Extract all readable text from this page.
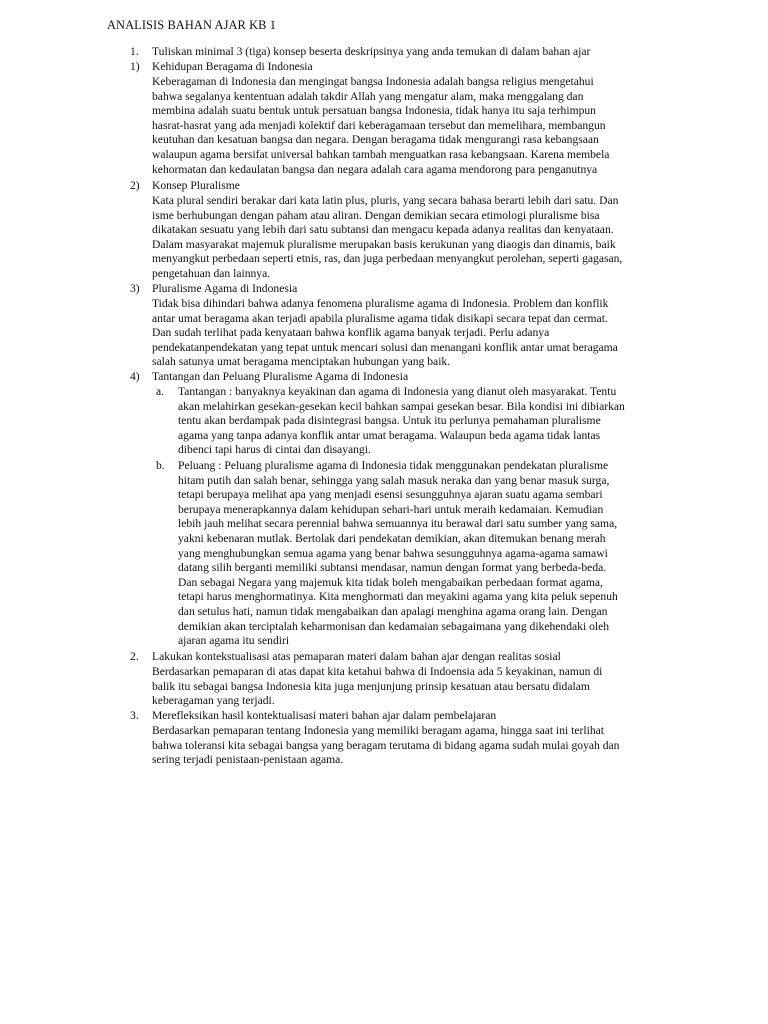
ANALISIS BAHAN AJAR KB 1
1. Tuliskan minimal 3 (tiga) konsep beserta deskripsinya yang anda temukan di dalam bahan ajar
1) Kehidupan Beragama di Indonesia
Keberagaman di Indonesia dan mengingat bangsa Indonesia adalah bangsa religius mengetahui
bahwa segalanya kententuan adalah takdir Allah yang mengatur alam, maka menggalang dan
membina adalah suatu bentuk untuk persatuan bangsa Indonesia, tidak hanya itu saja terhimpun
hasrat-hasrat yang ada menjadi kolektif dari keberagamaan tersebut dan memelihara, membangun
keutuhan dan kesatuan bangsa dan negara. Dengan beragama tidak mengurangi rasa kebangsaan
walaupun agama bersifat universal bahkan tambah menguatkan rasa kebangsaan. Karena membela
kehormatan dan kedaulatan bangsa dan negara adalah cara agama mendorong para penganutnya
2) Konsep Pluralisme
Kata plural sendiri berakar dari kata latin plus, pluris, yang secara bahasa berarti lebih dari satu. Dan
isme berhubungan dengan paham atau aliran. Dengan demikian secara etimologi pluralisme bisa
dikatakan sesuatu yang lebih dari satu subtansi dan mengacu kepada adanya realitas dan kenyataan.
Dalam masyarakat majemuk pluralisme merupakan basis kerukunan yang diaogis dan dinamis, baik
menyangkut perbedaan seperti etnis, ras, dan juga perbedaan menyangkut perolehan, seperti gagasan,
pengetahuan dan lainnya.
3) Pluralisme Agama di Indonesia
Tidak bisa dihindari bahwa adanya fenomena pluralisme agama di Indonesia. Problem dan konflik
antar umat beragama akan terjadi apabila pluralisme agama tidak disikapi secara tepat dan cermat.
Dan sudah terlihat pada kenyataan bahwa konflik agama banyak terjadi. Perlu adanya
pendekatanpendekatan yang tepat untuk mencari solusi dan menangani konflik antar umat beragama
salah satunya umat beragama menciptakan hubungan yang baik.
4) Tantangan dan Peluang Pluralisme Agama di Indonesia
a. Tantangan : banyaknya keyakinan dan agama di Indonesia yang dianut oleh masyarakat. Tentu
akan melahirkan gesekan-gesekan kecil bahkan sampai gesekan besar. Bila kondisi ini dibiarkan
tentu akan berdampak pada disintegrasi bangsa. Untuk itu perlunya pemahaman pluralisme
agama yang tanpa adanya konflik antar umat beragama. Walaupun beda agama tidak lantas
dibenci tapi harus di cintai dan disayangi.
b. Peluang : Peluang pluralisme agama di Indonesia tidak menggunakan pendekatan pluralisme
hitam putih dan salah benar, sehingga yang salah masuk neraka dan yang benar masuk surga,
tetapi berupaya melihat apa yang menjadi esensi sesungguhnya ajaran suatu agama sembari
berupaya menerapkannya dalam kehidupan sehari-hari untuk meraih kedamaian. Kemudian
lebih jauh melihat secara perennial bahwa semuannya itu berawal dari satu sumber yang sama,
yakni kebenaran mutlak. Bertolak dari pendekatan demikian, akan ditemukan benang merah
yang menghubungkan semua agama yang benar bahwa sesungguhnya agama-agama samawi
datang silih berganti memiliki subtansi mendasar, namun dengan format yang berbeda-beda.
Dan sebagai Negara yang majemuk kita tidak boleh mengabaikan perbedaan format agama,
tetapi harus menghormatinya. Kita menghormati dan meyakini agama yang kita peluk sepenuh
dan setulus hati, namun tidak mengabaikan dan apalagi menghina agama orang lain. Dengan
demikian akan terciptalah keharmonisan dan kedamaian sebagaimana yang dikehendaki oleh
ajaran agama itu sendiri
2. Lakukan kontekstualisasi atas pemaparan materi dalam bahan ajar dengan realitas sosial
Berdasarkan pemaparan di atas dapat kita ketahui bahwa di Indoensia ada 5 keyakinan, namun di
balik itu sebagai bangsa Indonesia kita juga menjunjung prinsip kesatuan atau bersatu didalam
keberagaman yang terjadi.
3. Merefleksikan hasil kontektualisasi materi bahan ajar dalam pembelajaran
Berdasarkan pemaparan tentang Indonesia yang memiliki beragam agama, hingga saat ini terlihat
bahwa toleransi kita sebagai bangsa yang beragam terutama di bidang agama sudah mulai goyah dan
sering terjadi penistaan-penistaan agama.
